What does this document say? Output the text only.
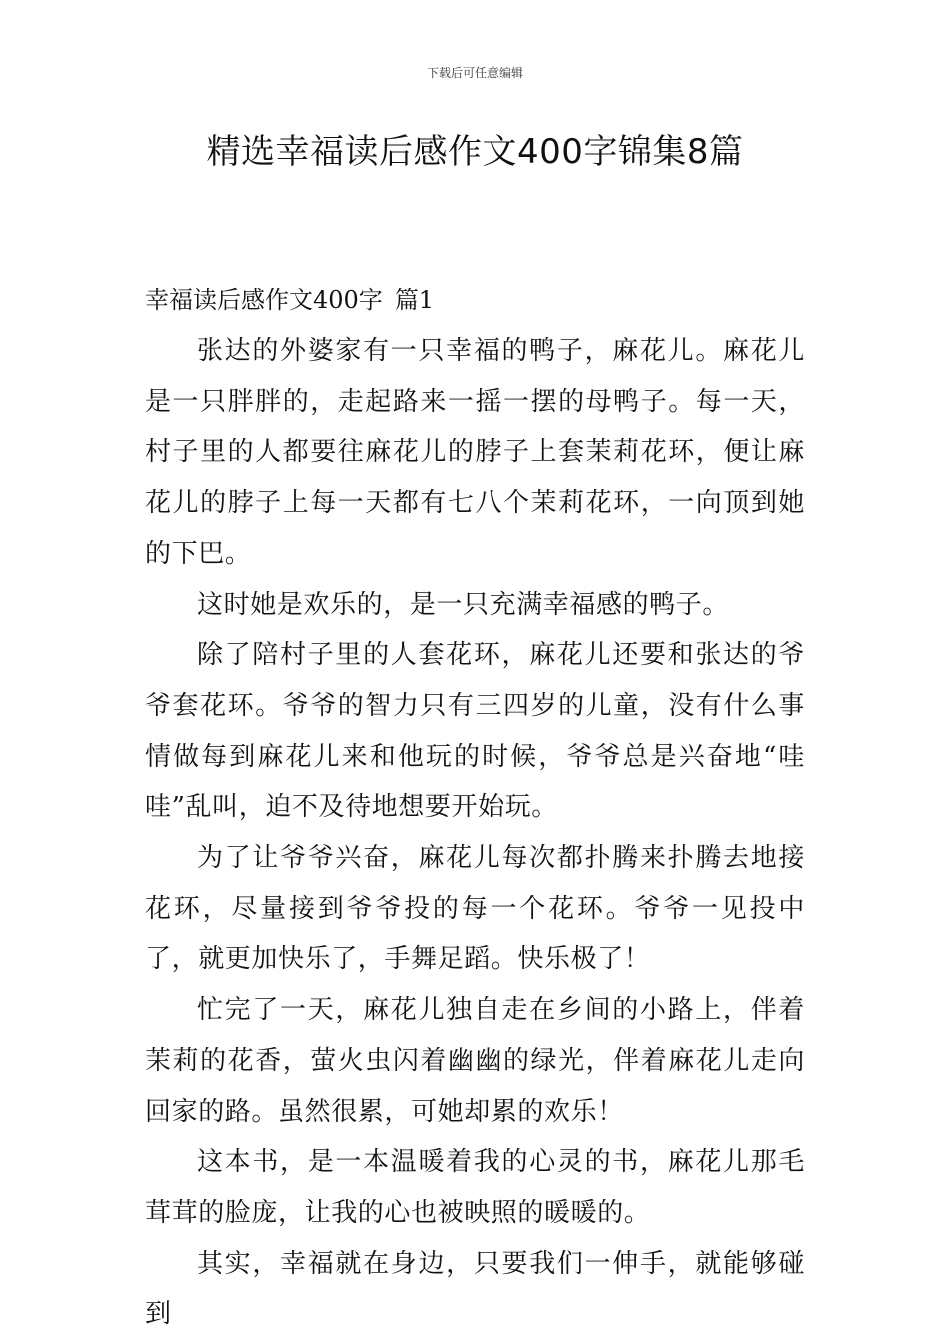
下载后可任意编辑
精选幸福读后感作文400字锦集8篇
幸福读后感作文400字 篇1

张达的外婆家有一只幸福的鸭子，麻花儿。麻花儿是一只胖胖的，走起路来一摇一摆的母鸭子。每一天，村子里的人都要往麻花儿的脖子上套茉莉花环，便让麻花儿的脖子上每一天都有七八个茉莉花环，一向顶到她的下巴。

这时她是欢乐的，是一只充满幸福感的鸭子。

除了陪村子里的人套花环，麻花儿还要和张达的爷爷套花环。爷爷的智力只有三四岁的儿童，没有什么事情做每到麻花儿来和他玩的时候，爷爷总是兴奋地“哇哇”乱叫，迫不及待地想要开始玩。

为了让爷爷兴奋，麻花儿每次都扑腾来扑腾去地接花环，尽量接到爷爷投的每一个花环。爷爷一见投中了，就更加快乐了，手舞足蹈。快乐极了！

忙完了一天，麻花儿独自走在乡间的小路上，伴着茉莉的花香，萤火虫闪着幽幽的绿光，伴着麻花儿走向回家的路。虽然很累，可她却累的欢乐！

这本书，是一本温暖着我的心灵的书，麻花儿那毛茸茸的脸庞，让我的心也被映照的暖暖的。

其实，幸福就在身边，只要我们一伸手，就能够碰到
